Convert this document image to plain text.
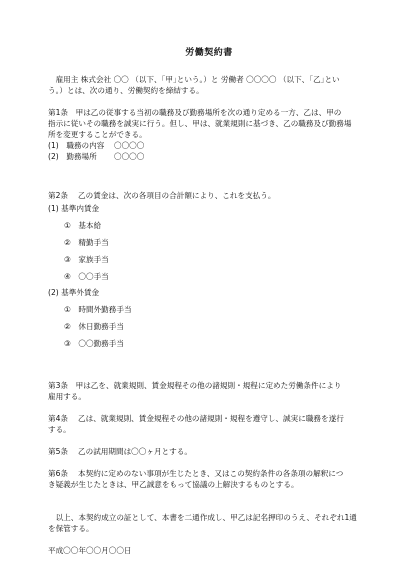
労働契約書
　雇用主 株式会社 〇〇 （以下、｢甲｣という。）と 労働者 〇〇〇〇 （以下、｢乙｣とい
う。）とは、次の通り、労働契約を締結する。
第1条　甲は乙の従事する当初の職務及び勤務場所を次の通り定める一方、乙は、甲の
指示に従いその職務を誠実に行う。但し、甲は、就業規則に基づき、乙の職務及び勤務場
所を変更することができる。
(1)　職務の内容	〇〇〇〇
(2)　勤務場所	〇〇〇〇
第2条　 乙の賃金は、次の各項目の合計額により、これを支払う。
(1) 基準内賃金
①　基本給
②　精勤手当
③　家族手当
④　〇〇手当
(2) 基準外賃金
①　時間外勤務手当
②　休日勤務手当
③　〇〇勤務手当
第3条　甲は乙を、就業規則、賃金規程その他の諸規則・規程に定めた労働条件により
雇用する。
第4条　 乙は、就業規則、賃金規程その他の諸規則・規程を遵守し、誠実に職務を遂行
する。
第5条　 乙の試用期間は〇〇ヶ月とする。
第6条　 本契約に定めのない事項が生じたとき、又はこの契約条件の各条項の解釈につ
き疑義が生じたときは、甲乙誠意をもって協議の上解決するものとする。
　以上、本契約成立の証として、本書を二通作成し、甲乙は記名押印のうえ、それぞれ1通
を保管する。
平成〇〇年〇〇月〇〇日
